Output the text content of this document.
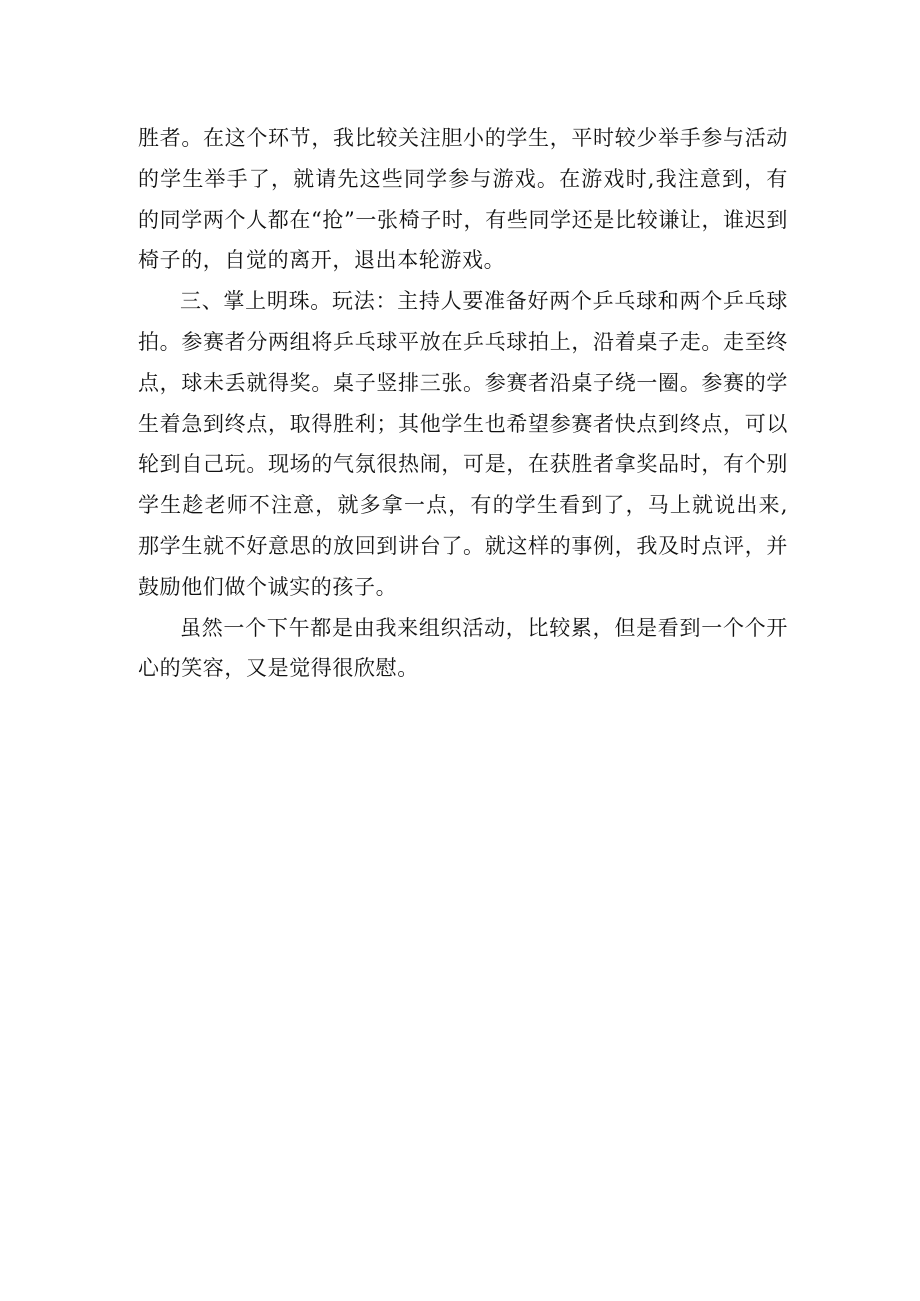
胜者。在这个环节，我比较关注胆小的学生，平时较少举手参与活动的学生举手了，就请先这些同学参与游戏。在游戏时,我注意到，有的同学两个人都在“抢”一张椅子时，有些同学还是比较谦让，谁迟到椅子的，自觉的离开，退出本轮游戏。

三、掌上明珠。玩法：主持人要准备好两个乒乓球和两个乒乓球拍。参赛者分两组将乒乓球平放在乒乓球拍上，沿着桌子走。走至终点，球未丢就得奖。桌子竖排三张。参赛者沿桌子绕一圈。参赛的学生着急到终点，取得胜利；其他学生也希望参赛者快点到终点，可以轮到自己玩。现场的气氛很热闹，可是，在获胜者拿奖品时，有个别学生趁老师不注意，就多拿一点，有的学生看到了，马上就说出来,那学生就不好意思的放回到讲台了。就这样的事例，我及时点评，并鼓励他们做个诚实的孩子。

虽然一个下午都是由我来组织活动，比较累，但是看到一个个开心的笑容，又是觉得很欣慰。
